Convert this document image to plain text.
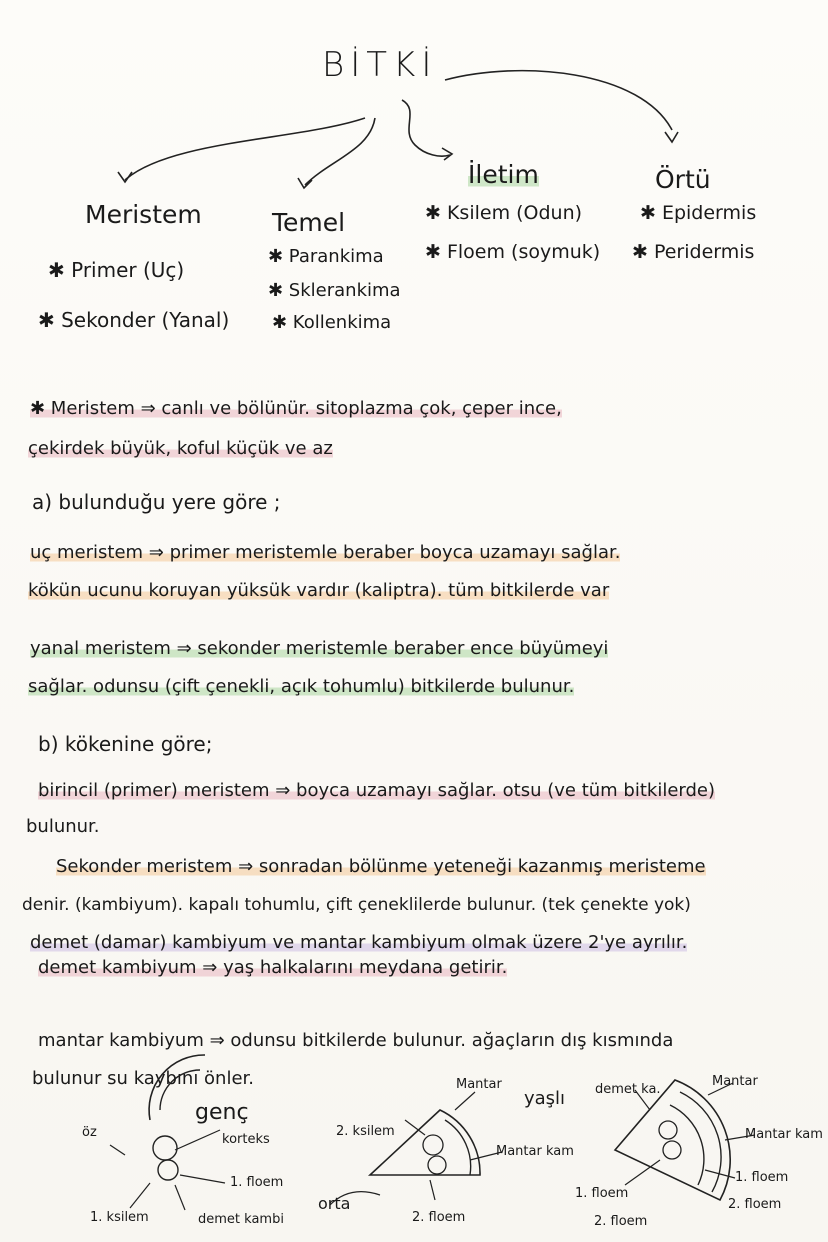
BİTKİ
Meristem	Temel
İletim	Örtü
✱ Primer (Uç)
✱ Sekonder (Yanal)
✱ Parankima
✱ Sklerankima
✱ Kollenkima
✱ Ksilem (Odun)
✱ Floem (soymuk)
✱ Epidermis
✱ Peridermis
✱ Meristem ⇒ canlı ve bölünür. sitoplazma çok, çeper ince,
çekirdek büyük, koful küçük ve az
a) bulunduğu yere göre ;
uç meristem ⇒ primer meristemle beraber boyca uzamayı sağlar.
kökün ucunu koruyan yüksük vardır (kaliptra). tüm bitkilerde var
yanal meristem ⇒ sekonder meristemle beraber ence büyümeyi
sağlar. odunsu (çift çenekli, açık tohumlu) bitkilerde bulunur.
b) kökenine göre;
birincil (primer) meristem ⇒ boyca uzamayı sağlar. otsu (ve tüm bitkilerde)
bulunur.
Sekonder meristem ⇒ sonradan bölünme yeteneği kazanmış meristeme
denir. (kambiyum). kapalı tohumlu, çift çeneklilerde bulunur. (tek çenekte yok)
demet (damar) kambiyum ve mantar kambiyum olmak üzere 2'ye ayrılır.
demet kambiyum ⇒ yaş halkalarını meydana getirir.
mantar kambiyum ⇒ odunsu bitkilerde bulunur. ağaçların dış kısmında
bulunur su kaybını önler.
genç
öz	korteks
1. floem
1. ksilem	demet kambi
orta
2. ksilem
Mantar
Mantar kam
2. floem
yaşlı demet ka.
Mantar
Mantar kam
1. floem
2. floem
1. floem
2. floem
